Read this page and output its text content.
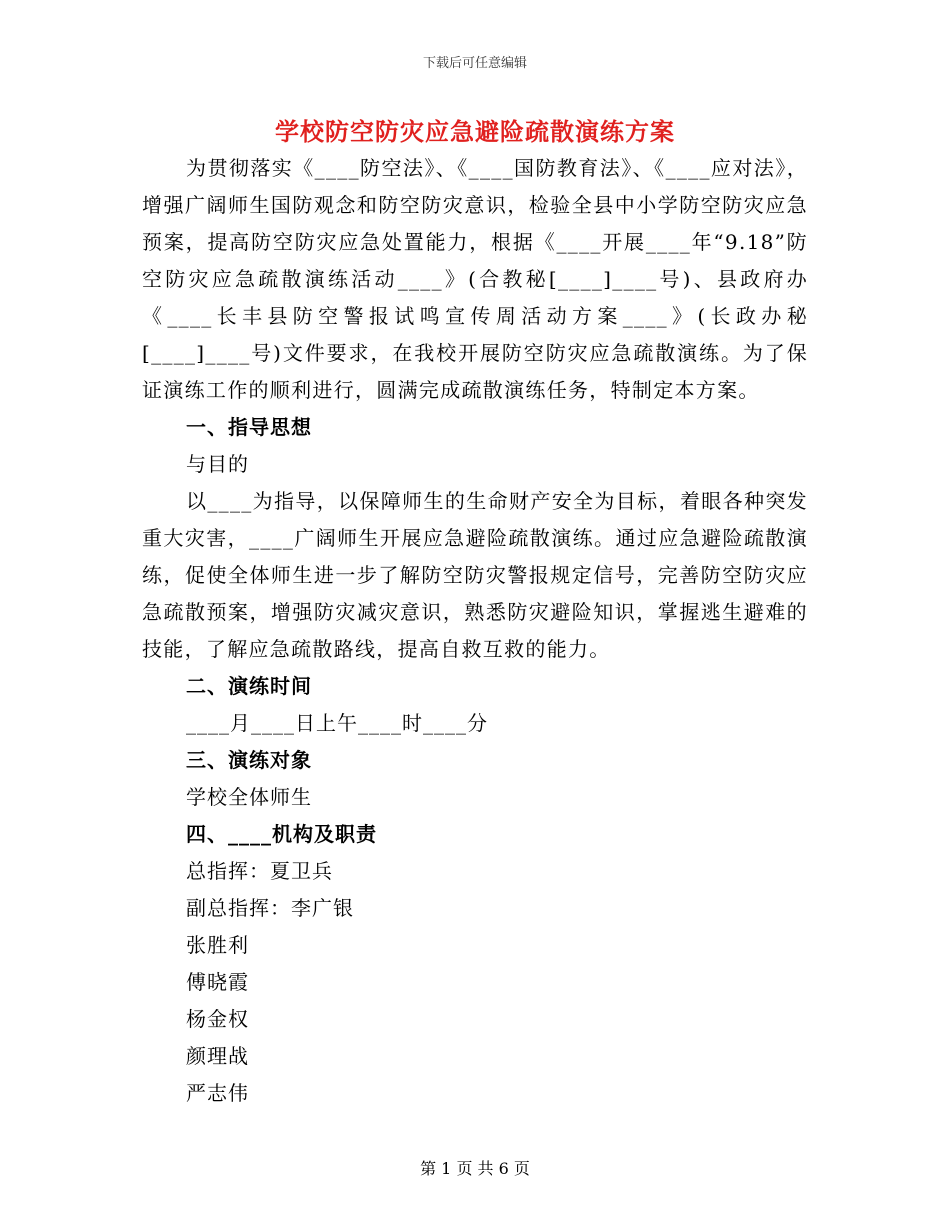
下载后可任意编辑
学校防空防灾应急避险疏散演练方案

为贯彻落实《____防空法》、《____国防教育法》、《____应对法》，增强广阔师生国防观念和防空防灾意识，检验全县中小学防空防灾应急预案，提高防空防灾应急处置能力，根据《____开展____年“9.18”防空防灾应急疏散演练活动____》(合教秘[____]____号)、县政府办《____长丰县防空警报试鸣宣传周活动方案____》(长政办秘[____]____号)文件要求，在我校开展防空防灾应急疏散演练。为了保证演练工作的顺利进行，圆满完成疏散演练任务，特制定本方案。

一、指导思想

与目的

以____为指导，以保障师生的生命财产安全为目标，着眼各种突发重大灾害，____广阔师生开展应急避险疏散演练。通过应急避险疏散演练，促使全体师生进一步了解防空防灾警报规定信号，完善防空防灾应急疏散预案，增强防灾减灾意识，熟悉防灾避险知识，掌握逃生避难的技能，了解应急疏散路线，提高自救互救的能力。

二、演练时间

____月____日上午____时____分

三、演练对象

学校全体师生

四、____机构及职责

总指挥：夏卫兵

副总指挥：李广银

张胜利

傅晓霞

杨金权

颜理战

严志伟

第 1 页 共 6 页
